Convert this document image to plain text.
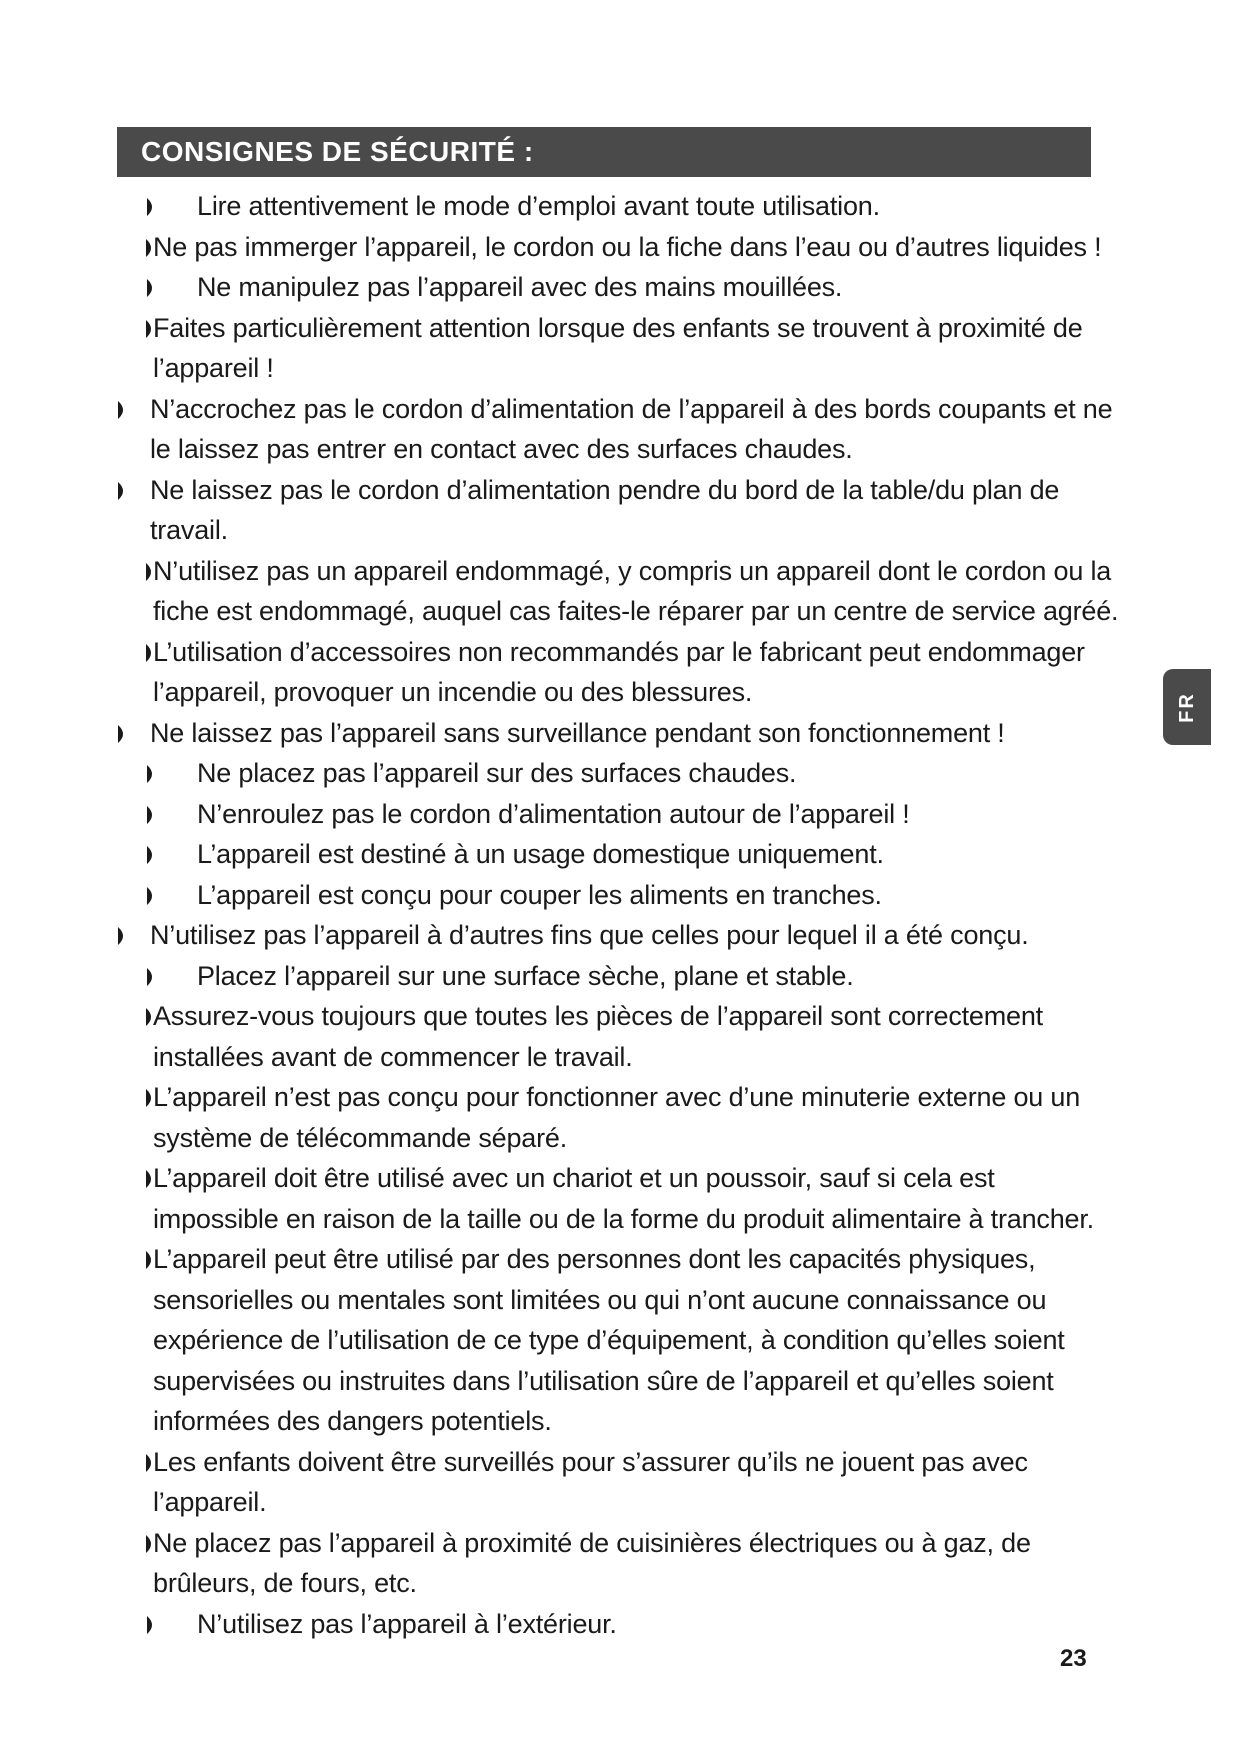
CONSIGNES DE SÉCURITÉ :
Lire attentivement le mode d’emploi avant toute utilisation.
Ne pas immerger l’appareil, le cordon ou la fiche dans l’eau ou d’autres liquides !
Ne manipulez pas l’appareil avec des mains mouillées.
Faites particulièrement attention lorsque des enfants se trouvent à proximité de l’appareil !
N’accrochez pas le cordon d’alimentation de l’appareil à des bords coupants et ne le laissez pas entrer en contact avec des surfaces chaudes.
Ne laissez pas le cordon d’alimentation pendre du bord de la table/du plan de travail.
N’utilisez pas un appareil endommagé, y compris un appareil dont le cordon ou la fiche est endommagé, auquel cas faites-le réparer par un centre de service agréé.
L’utilisation d’accessoires non recommandés par le fabricant peut endommager l’appareil, provoquer un incendie ou des blessures.
Ne laissez pas l’appareil sans surveillance pendant son fonctionnement !
Ne placez pas l’appareil sur des surfaces chaudes.
N’enroulez pas le cordon d’alimentation autour de l’appareil !
L’appareil est destiné à un usage domestique uniquement.
L’appareil est conçu pour couper les aliments en tranches.
N’utilisez pas l’appareil à d’autres fins que celles pour lequel il a été conçu.
Placez l’appareil sur une surface sèche, plane et stable.
Assurez-vous toujours que toutes les pièces de l’appareil sont correctement installées avant de commencer le travail.
L’appareil n’est pas conçu pour fonctionner avec d’une minuterie externe ou un système de télécommande séparé.
L’appareil doit être utilisé avec un chariot et un poussoir, sauf si cela est impossible en raison de la taille ou de la forme du produit alimentaire à trancher.
L’appareil peut être utilisé par des personnes dont les capacités physiques, sensorielles ou mentales sont limitées ou qui n’ont aucune connaissance ou expérience de l’utilisation de ce type d’équipement, à condition qu’elles soient supervisées ou instruites dans l’utilisation sûre de l’appareil et qu’elles soient informées des dangers potentiels.
Les enfants doivent être surveillés pour s’assurer qu’ils ne jouent pas avec l’appareil.
Ne placez pas l’appareil à proximité de cuisinières électriques ou à gaz, de brûleurs, de fours, etc.
N’utilisez pas l’appareil à l’extérieur.
FR
23
